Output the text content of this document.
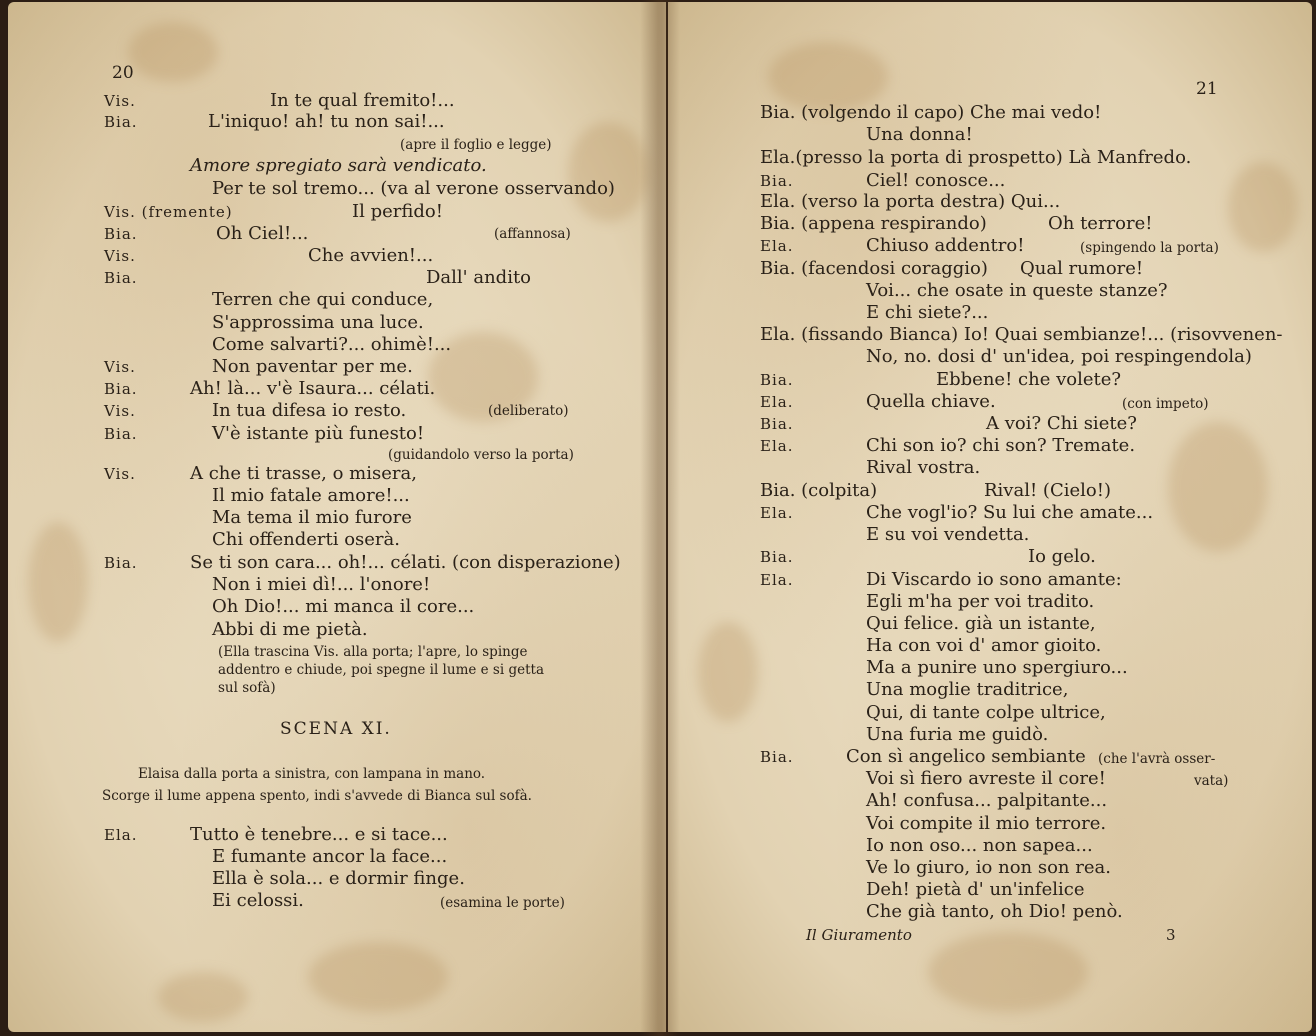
20
Vis.	In te qual fremito!...
Bia.	L'iniquo! ah! tu non sai!...
(apre il foglio e legge)
Amore spregiato sarà vendicato.
Per te sol tremo... (va al verone osservando)
Vis. (fremente)	Il perfido!
Bia.	Oh Ciel!...	(affannosa)
Vis.	Che avvien!...
Bia.	Dall' andito
Terren che qui conduce,
S'approssima una luce.
Come salvarti?... ohimè!...
Vis.	Non paventar per me.
Bia.	Ah! là... v'è Isaura... célati.
Vis.	In tua difesa io resto.	(deliberato)
Bia.	V'è istante più funesto!
(guidandolo verso la porta)
Vis.	A che ti trasse, o misera,
Il mio fatale amore!...
Ma tema il mio furore
Chi offenderti oserà.
Bia.	Se ti son cara... oh!... célati. (con disperazione)
Non i miei dì!... l'onore!
Oh Dio!... mi manca il core...
Abbi di me pietà.
(Ella trascina Vis. alla porta; l'apre, lo spinge
addentro e chiude, poi spegne il lume e si getta
sul sofà)
SCENA XI.
Elaisa dalla porta a sinistra, con lampana in mano.
Scorge il lume appena spento, indi s'avvede di Bianca sul sofà.
Ela.	Tutto è tenebre... e si tace...
E fumante ancor la face...
Ella è sola... e dormir finge.
Ei celossi.	(esamina le porte)
21
Bia. (volgendo il capo) Che mai vedo!
Una donna!
Ela.(presso la porta di prospetto) Là Manfredo.
Bia.	Ciel! conosce...
Ela. (verso la porta destra) Qui...
Bia. (appena respirando)	Oh terrore!
Ela.	Chiuso addentro!	(spingendo la porta)
Bia. (facendosi coraggio) Qual rumore!
Voi... che osate in queste stanze?
E chi siete?...
Ela. (fissando Bianca) Io! Quai sembianze!... (risovvenen-
No, no. dosi d' un'idea, poi respingendola)
Bia.	Ebbene! che volete?
Ela.	Quella chiave.	(con impeto)
Bia.	A voi? Chi siete?
Ela.	Chi son io? chi son? Tremate.
Rival vostra.
Bia. (colpita)	Rival! (Cielo!)
Ela.	Che vogl'io? Su lui che amate...
E su voi vendetta.
Bia.	Io gelo.
Ela.	Di Viscardo io sono amante:
Egli m'ha per voi tradito.
Qui felice. già un istante,
Ha con voi d' amor gioito.
Ma a punire uno spergiuro...
Una moglie traditrice,
Qui, di tante colpe ultrice,
Una furia me guidò.
Bia.	Con sì angelico sembiante (che l'avrà osser-
Voi sì fiero avreste il core!	vata)
Ah! confusa... palpitante...
Voi compite il mio terrore.
Io non oso... non sapea...
Ve lo giuro, io non son rea.
Deh! pietà d' un'infelice
Che già tanto, oh Dio! penò.
Il Giuramento	3
